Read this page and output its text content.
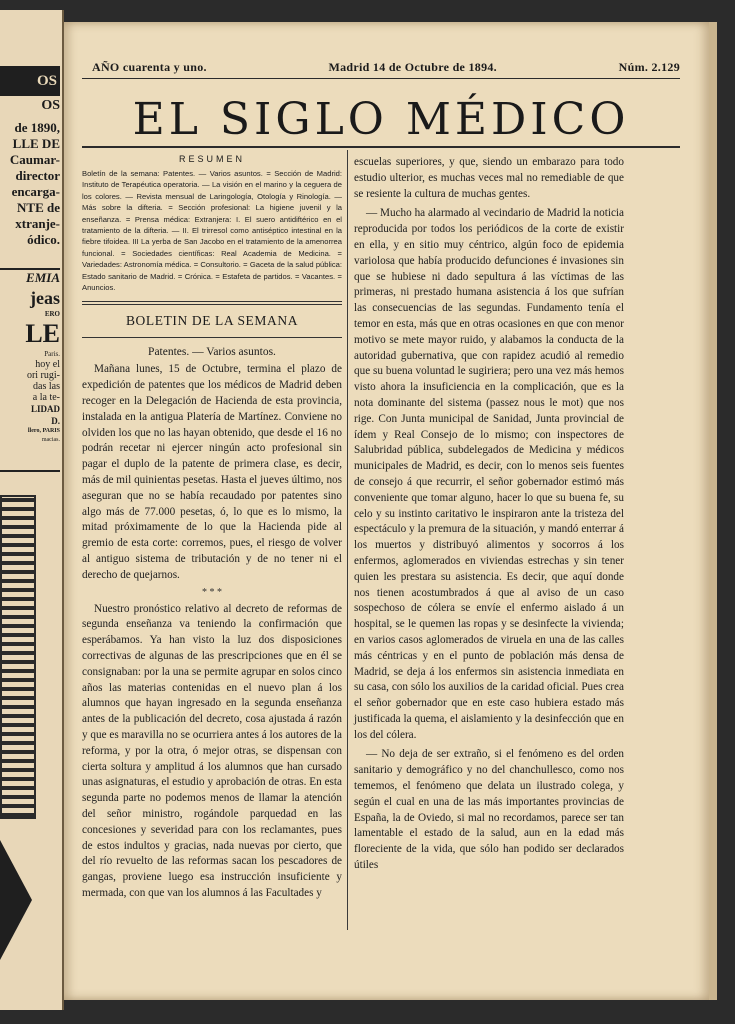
OS

OS

de 1890,

LLE DE

Caumar-

director

encarga-

NTE de

xtranje-

ódico.

EMIA

jeas

ERO

LE

Paris.

hoy el

ori rugi-

das las

a la te-

LIDAD

D.

llero, PARIS

macias.

AÑO cuarenta y uno.	Madrid 14 de Octubre de 1894.	Núm. 2.129
EL SIGLO MÉDICO
RESUMEN
Boletín de la semana: Patentes. — Varios asuntos. = Sección de Madrid: Instituto de Terapéutica operatoria. — La visión en el marino y la ceguera de los colores. — Revista mensual de Laringología, Otología y Rinología. — Más sobre la difteria. = Sección profesional: La higiene juvenil y la enseñanza. = Prensa médica: Extranjera: I. El suero antidiftérico en el tratamiento de la difteria. — II. El trirresol como antiséptico intestinal en la fiebre tifoidea. III La yerba de San Jacobo en el tratamiento de la amenorrea funcional. = Sociedades científicas: Real Academia de Medicina. = Variedades: Astronomía médica. = Consultorio. = Gaceta de la salud pública: Estado sanitario de Madrid. = Crónica. = Estafeta de partidos. = Vacantes. = Anuncios.

BOLETIN DE LA SEMANA

Patentes. — Varios asuntos.

Mañana lunes, 15 de Octubre, termina el plazo de expedición de patentes que los médicos de Madrid deben recoger en la Delegación de Hacienda de esta provincia, instalada en la antigua Platería de Martínez. Conviene no olviden los que no las hayan obtenido, que desde el 16 no podrán recetar ni ejercer ningún acto profesional sin pagar el duplo de la patente de primera clase, es decir, más de mil quinientas pesetas. Hasta el jueves último, nos aseguran que no se había recaudado por patentes sino algo más de 77.000 pesetas, ó, lo que es lo mismo, la mitad próximamente de lo que la Hacienda pide al gremio de esta corte: corremos, pues, el riesgo de volver al antiguo sistema de tributación y de no tener ni el derecho de quejarnos.

* * *

Nuestro pronóstico relativo al decreto de reformas de segunda enseñanza va teniendo la confirmación que esperábamos. Ya han visto la luz dos disposiciones correctivas de algunas de las prescripciones que en él se consignaban: por la una se permite agrupar en solos cinco años las materias contenidas en el nuevo plan á los alumnos que hayan ingresado en la segunda enseñanza antes de la publicación del decreto, cosa ajustada á razón y que es maravilla no se ocurriera antes á los autores de la reforma, y por la otra, ó mejor otras, se dispensan con cierta soltura y amplitud á los alumnos que han cursado unas asignaturas, el estudio y aprobación de otras. En esta segunda parte no podemos menos de llamar la atención del señor ministro, rogándole parquedad en las concesiones y severidad para con los reclamantes, pues de estos indultos y gracias, nada nuevas por cierto, que del río revuelto de las reformas sacan los pescadores de gangas, proviene luego esa instrucción insuficiente y mermada, con que van los alumnos á las Facultades y

escuelas superiores, y que, siendo un embarazo para todo estudio ulterior, es muchas veces mal no remediable de que se resiente la cultura de muchas gentes.

— Mucho ha alarmado al vecindario de Madrid la noticia reproducida por todos los periódicos de la corte de existir en ella, y en sitio muy céntrico, algún foco de epidemia variolosa que había producido defunciones é invasiones sin que se hubiese ni dado sepultura á las víctimas de las primeras, ni prestado humana asistencia á los que sufrían las consecuencias de las segundas. Fundamento tenía el temor en esta, más que en otras ocasiones en que con menor motivo se mete mayor ruido, y alabamos la conducta de la autoridad gubernativa, que con rapidez acudió al remedio que su buena voluntad le sugiriera; pero una vez más hemos visto ahora la insuficiencia en la complicación, que es la nota dominante del sistema (passez nous le mot) que nos rige. Con Junta municipal de Sanidad, Junta provincial de ídem y Real Consejo de lo mismo; con inspectores de Salubridad pública, subdelegados de Medicina y médicos municipales de Madrid, es decir, con lo menos seis fuentes de consejo á que recurrir, el señor gobernador estimó más conveniente que tomar alguno, hacer lo que su buena fe, su celo y su instinto caritativo le inspiraron ante la tristeza del espectáculo y la premura de la situación, y mandó enterrar á los muertos y distribuyó alimentos y socorros á los enfermos, aglomerados en viviendas estrechas y sin tener quien les prestara su asistencia. Es decir, que aquí donde nos tienen acostumbrados á que al aviso de un caso sospechoso de cólera se envíe el enfermo aislado á un hospital, se le quemen las ropas y se desinfecte la vivienda; en varios casos aglomerados de viruela en una de las calles más céntricas y en el punto de población más densa de Madrid, se deja á los enfermos sin asistencia inmediata en su casa, con sólo los auxilios de la caridad oficial. Pues crea el señor gobernador que en este caso hubiera estado más justificada la quema, el aislamiento y la desinfección que en los del cólera.

— No deja de ser extraño, si el fenómeno es del orden sanitario y demográfico y no del chanchullesco, como nos tememos, el fenómeno que delata un ilustrado colega, y según el cual en una de las más importantes provincias de España, la de Oviedo, si mal no recordamos, parece ser tan lamentable el estado de la salud, aun en la edad más floreciente de la vida, que sólo han podido ser declarados útiles
